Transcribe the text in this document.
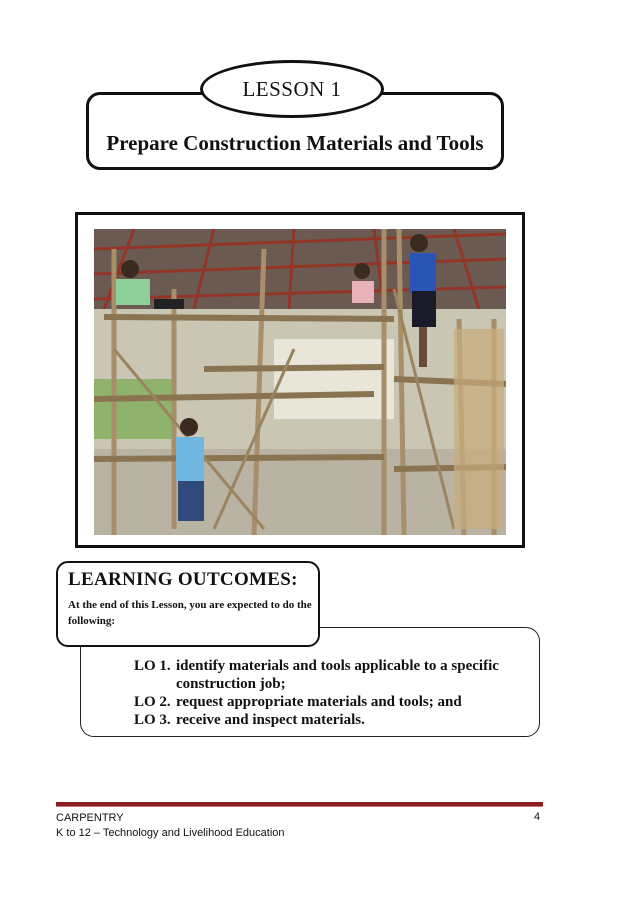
Prepare Construction Materials and Tools
LESSON 1
LEARNING OUTCOMES:
At the end of this Lesson, you are expected to do the following:
LO 1. identify materials and tools applicable to a specific construction job;
LO 2. request appropriate materials and tools; and
LO 3. receive and inspect materials.
CARPENTRY
K to 12 – Technology and Livelihood Education
4
